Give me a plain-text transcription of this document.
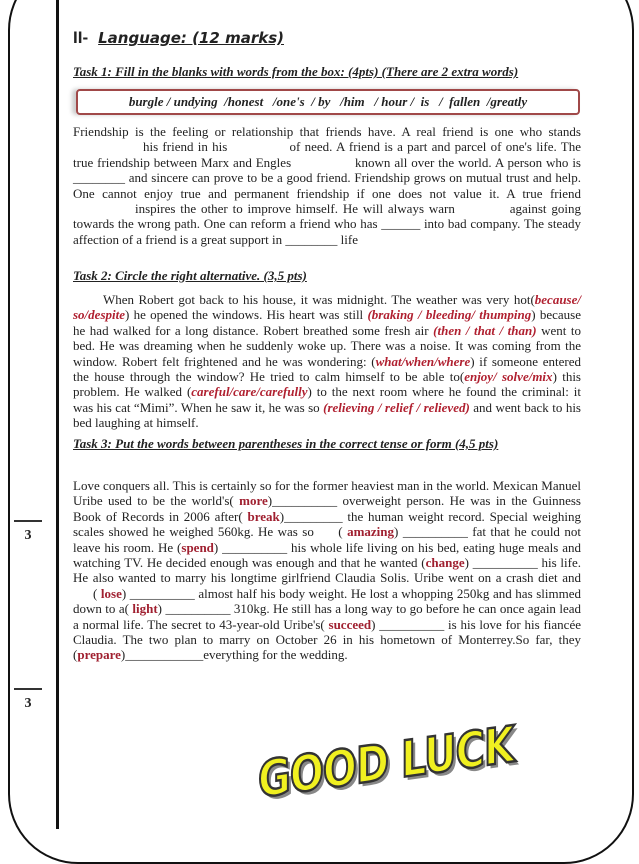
3
3
II- Language: (12 marks)
Task 1: Fill in the blanks with words from the box: (4pts) (There are 2 extra words)
burgle / undying  /honest   /one's  / by   /him   / hour /  is   /  fallen  /greatly

Friendship is the feeling or relationship that friends have. A real friend is one who stands his friend in his	of need. A friend is a part and parcel of one's life. The true friendship between Marx and Engles	known all over the world. A person who is ________ and sincere can prove to be a good friend. Friendship grows on mutual trust and help. One cannot enjoy true and permanent friendship if one does not value it. A true friend inspires the other to improve himself. He will always warn	against going towards the wrong path. One can reform a friend who has ______ into bad company. The steady affection of a friend is a great support in ________ life

Task 2: Circle the right alternative. (3,5 pts)

When Robert got back to his house, it was midnight. The weather was very hot(because/ so/despite) he opened the windows. His heart was still (braking / bleeding/ thumping) because he had walked for a long distance. Robert breathed some fresh air (then / that / than) went to bed. He was dreaming when he suddenly woke up. There was a noise. It was coming from the window. Robert felt frightened and he was wondering: (what/when/where) if someone entered the house through the window? He tried to calm himself to be able to(enjoy/ solve/mix) this problem. He walked (careful/care/carefully) to the next room where he found the criminal: it was his cat “Mimi”. When he saw it, he was so (relieving / relief / relieved) and went back to his bed laughing at himself.

Task 3: Put the words between parentheses in the correct tense or form (4,5 pts)

Love conquers all. This is certainly so for the former heaviest man in the world. Mexican Manuel Uribe used to be the world's( more)__________ overweight person. He was in the Guinness Book of Records in 2006 after( break)_________ the human weight record. Special weighing scales showed he weighed 560kg. He was so ( amazing) __________ fat that he could not leave his room. He (spend) __________ his whole life living on his bed, eating huge meals and watching TV. He decided enough was enough and that he wanted (change) __________ his life. He also wanted to marry his longtime girlfriend Claudia Solis. Uribe went on a crash diet and ( lose) __________ almost half his body weight. He lost a whopping 250kg and has slimmed down to a( light) __________ 310kg. He still has a long way to go before he can once again lead a normal life. The secret to 43-year-old Uribe's( succeed) __________ is his love for his fiancée Claudia. The two plan to marry on October 26 in his hometown of Monterrey.So far, they (prepare)____________everything for the wedding.

GOOD LUCK
